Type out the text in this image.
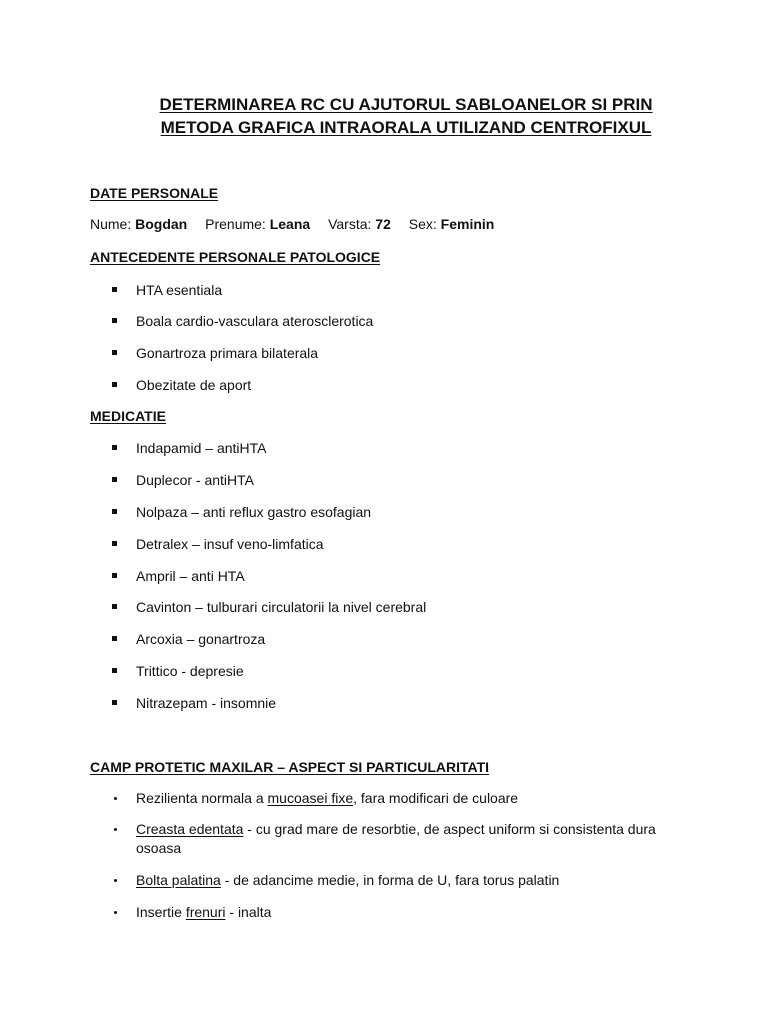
DETERMINAREA RC CU AJUTORUL SABLOANELOR SI PRIN
METODA GRAFICA INTRAORALA UTILIZAND CENTROFIXUL
DATE PERSONALE
Nume: Bogdan Prenume: Leana Varsta: 72 Sex: Feminin
ANTECEDENTE PERSONALE PATOLOGICE
HTA esentiala
Boala cardio-vasculara aterosclerotica
Gonartroza primara bilaterala
Obezitate de aport
MEDICATIE
Indapamid – antiHTA
Duplecor - antiHTA
Nolpaza – anti reflux gastro esofagian
Detralex – insuf veno-limfatica
Ampril – anti HTA
Cavinton – tulburari circulatorii la nivel cerebral
Arcoxia – gonartroza
Trittico - depresie
Nitrazepam - insomnie
CAMP PROTETIC MAXILAR – ASPECT SI PARTICULARITATI
Rezilienta normala a mucoasei fixe, fara modificari de culoare
Creasta edentata - cu grad mare de resorbtie, de aspect uniform si consistenta dura osoasa
Bolta palatina - de adancime medie, in forma de U, fara torus palatin
Insertie frenuri - inalta
